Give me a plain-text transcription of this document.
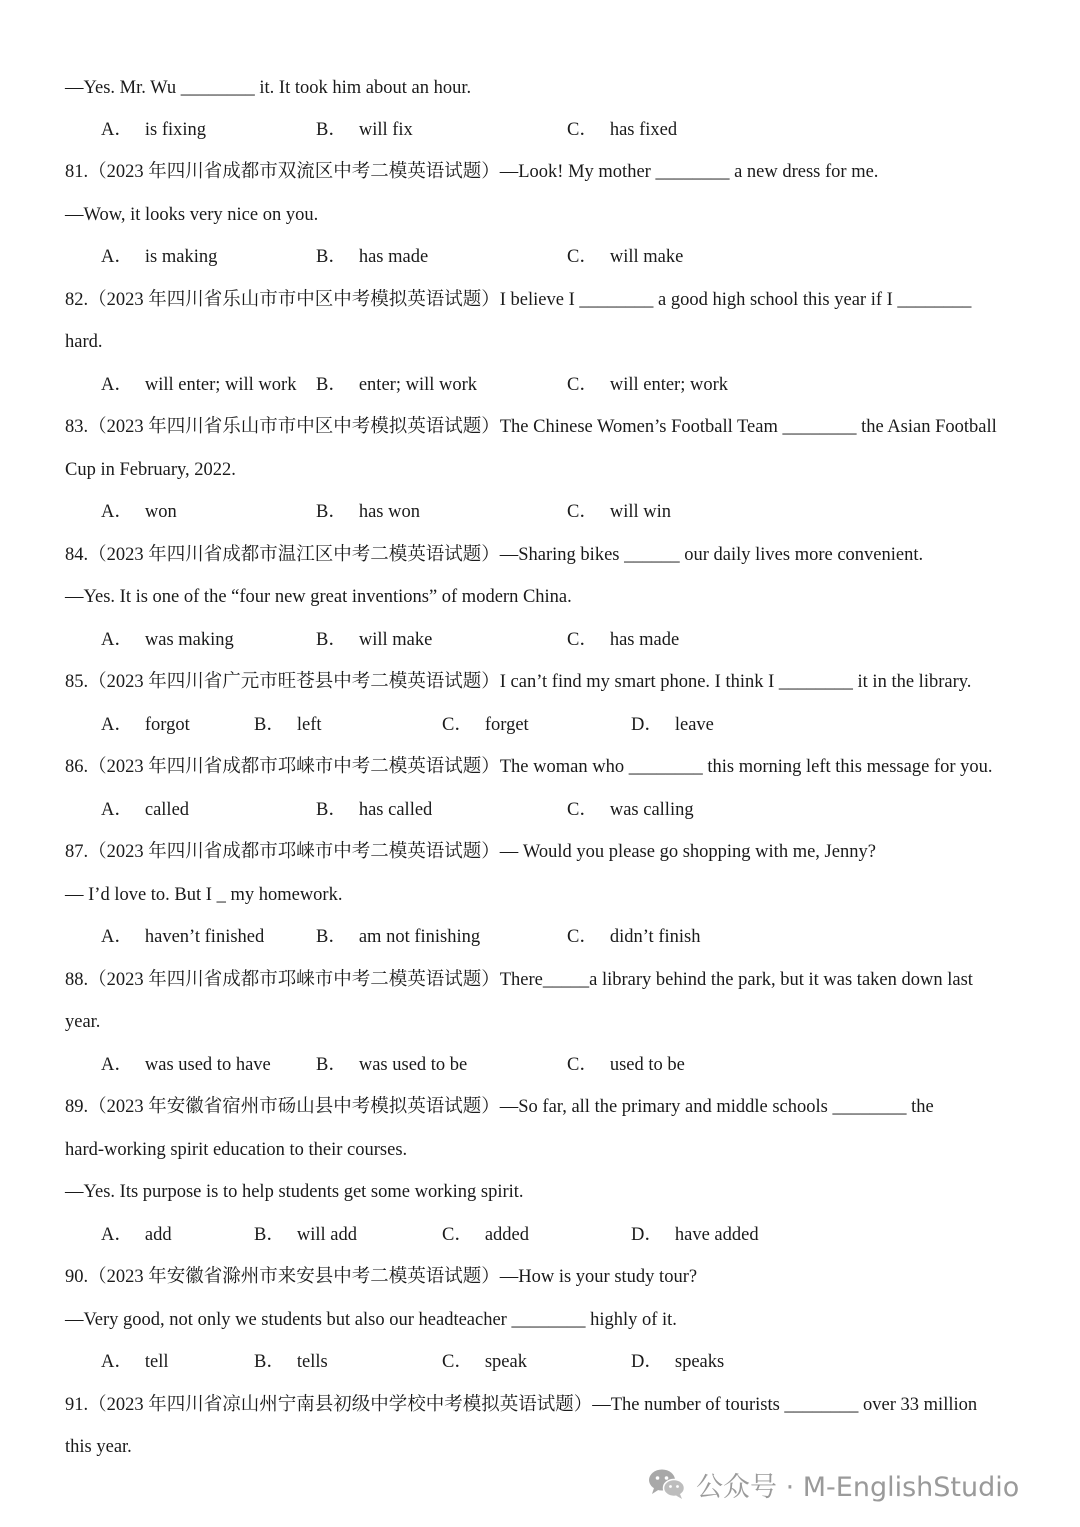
—Yes. Mr. Wu ________ it. It took him about an hour.
A． is fixing	B． will fix	C． has fixed
81.（2023 年四川省成都市双流区中考二模英语试题）—Look! My mother ________ a new dress for me.
—Wow, it looks very nice on you.
A． is making	B． has made	C． will make
82.（2023 年四川省乐山市市中区中考模拟英语试题）I believe I ________ a good high school this year if I ________
hard.
A． will enter; will work B． enter; will work	C． will enter; work
83.（2023 年四川省乐山市市中区中考模拟英语试题）The Chinese Women’s Football Team ________ the Asian Football
Cup in February, 2022.
A． won	B． has won	C． will win
84.（2023 年四川省成都市温江区中考二模英语试题）—Sharing bikes ______ our daily lives more convenient.
—Yes. It is one of the “four new great inventions” of modern China.
A． was making	B． will make	C． has made
85.（2023 年四川省广元市旺苍县中考二模英语试题）I can’t find my smart phone. I think I ________ it in the library.
A． forgot	B． left	C． forget	D． leave
86.（2023 年四川省成都市邛崃市中考二模英语试题）The woman who ________ this morning left this message for you.
A． called	B． has called	C． was calling
87.（2023 年四川省成都市邛崃市中考二模英语试题）— Would you please go shopping with me, Jenny?
— I’d love to. But I _ my homework.
A． haven’t finished	B． am not finishing	C． didn’t finish
88.（2023 年四川省成都市邛崃市中考二模英语试题）There_____a library behind the park, but it was taken down last
year.
A． was used to have B． was used to be	C． used to be
89.（2023 年安徽省宿州市砀山县中考模拟英语试题）—So far, all the primary and middle schools ________ the
hard-working spirit education to their courses.
—Yes. Its purpose is to help students get some working spirit.
A． add	B． will add	C． added	D． have added
90.（2023 年安徽省滁州市来安县中考二模英语试题）—How is your study tour?
—Very good, not only we students but also our headteacher ________ highly of it.
A． tell	B． tells	C． speak	D． speaks
91.（2023 年四川省凉山州宁南县初级中学校中考模拟英语试题）—The number of tourists ________ over 33 million
this year.
公众号 · M-EnglishStudio
